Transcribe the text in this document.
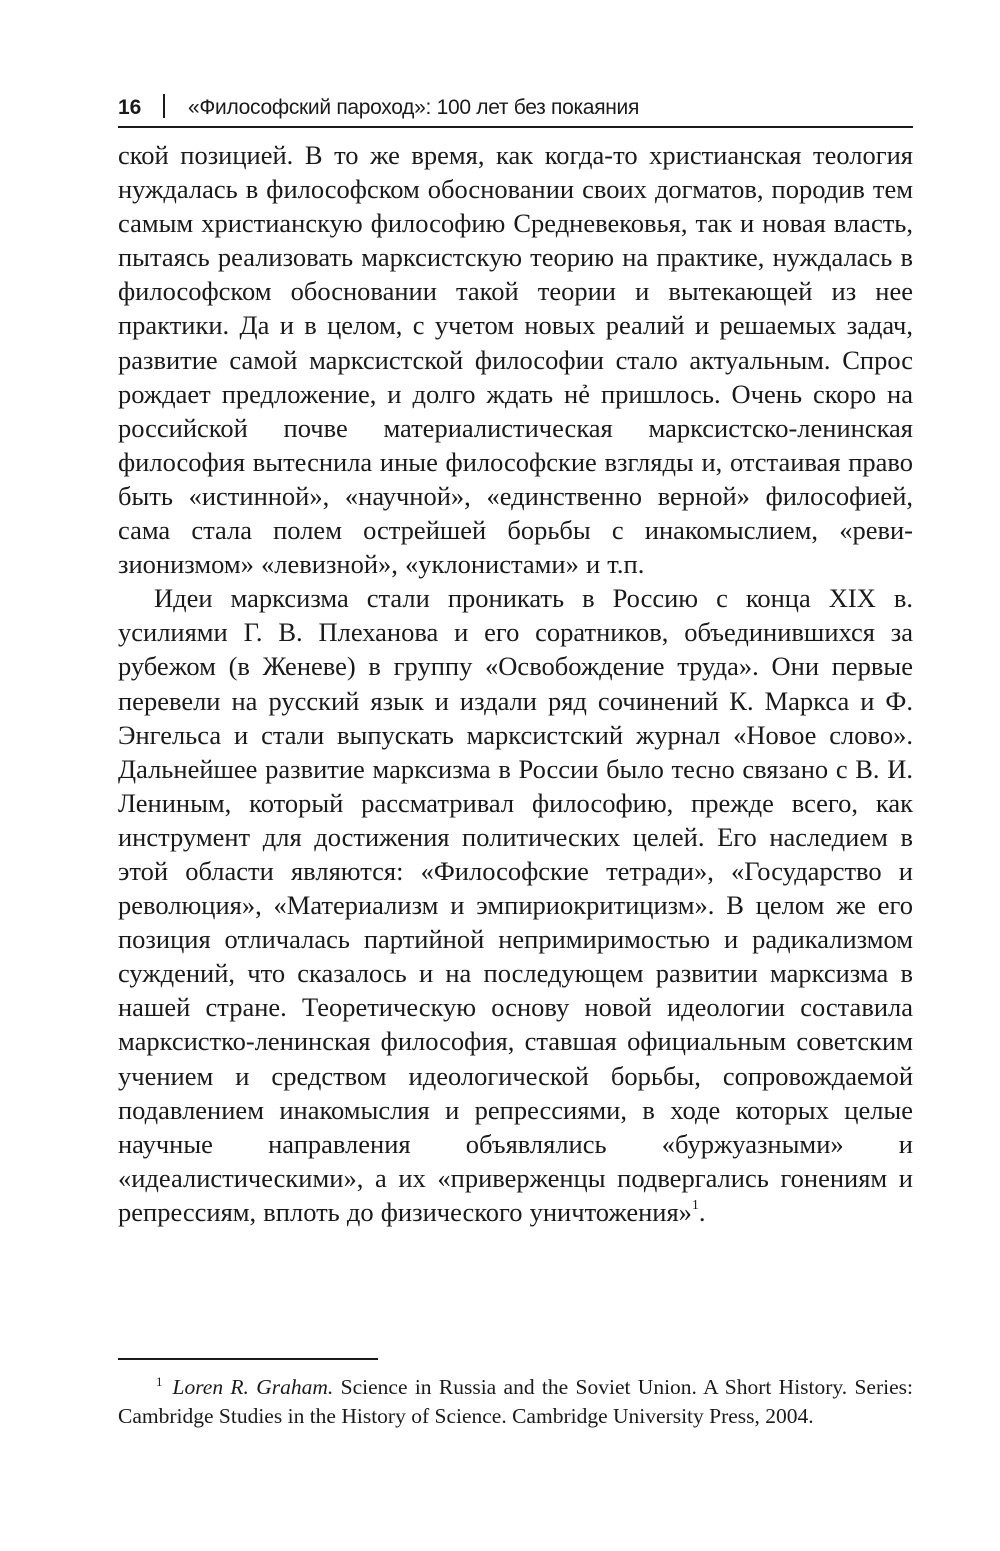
16 «Философский пароход»: 100 лет без покаяния

ской позицией. В то же время, как когда-то христианская теология нуждалась в философском обосновании своих догматов, породив тем самым христианскую философию Средневековья, так и новая власть, пытаясь реализовать марксистскую теорию на практике, нуждалась в философском обосновании такой теории и вытекающей из нее практики. Да и в целом, с учетом новых реалий и решаемых задач, развитие самой марксистской философии стало актуальным. Спрос рождает предложение, и долго ждать нẻ пришлось. Очень скоро на российской почве материалистическая марксистско-ленинская философия вытеснила иные философские взгляды и, отстаивая право быть «истинной», «научной», «единственно верной» философией, сама стала полем острейшей борьбы с инакомыслием, «ревизионизмом» «левизной», «уклонистами» и т.п.

Идеи марксизма стали проникать в Россию с конца XIX в. усилиями Г. В. Плеханова и его соратников, объединившихся за рубежом (в Женеве) в группу «Освобождение труда». Они первые перевели на русский язык и издали ряд сочинений К. Маркса и Ф. Энгельса и стали выпускать марксистский журнал «Новое слово». Дальнейшее развитие марксизма в России было тесно связано с В. И. Лениным, который рассматривал философию, прежде всего, как инструмент для достижения политических целей. Его наследием в этой области являются: «Философские тетради», «Государство и революция», «Материализм и эмпириокритицизм». В целом же его позиция отличалась партийной непримиримостью и радикализмом суждений, что сказалось и на последующем развитии марксизма в нашей стране. Теоретическую основу новой идеологии составила марксистко-ленинская философия, ставшая официальным советским учением и средством идеологической борьбы, сопровождаемой подавлением инакомыслия и репрессиями, в ходе которых целые научные направления объявлялись «буржуазными» и «идеалистическими», а их «приверженцы подвергались гонениям и репрессиям, вплоть до физического уничтожения»$^1$.

$^1$ Loren R. Graham. Science in Russia and the Soviet Union. A Short History. Series: Cambridge Studies in the History of Science. Cambridge University Press, 2004.
